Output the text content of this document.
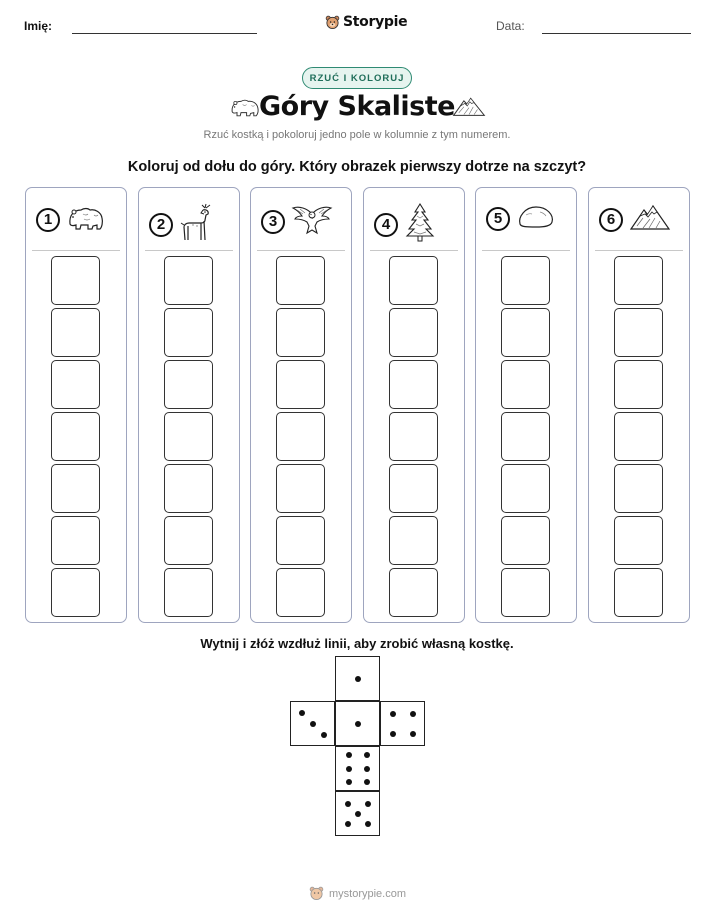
Imię:	Storypie	Data:
RZUĆ I KOLORUJ
Góry Skaliste
Rzuć kostką i pokoloruj jedno pole w kolumnie z tym numerem.
Koloruj od dołu do góry. Który obrazek pierwszy dotrze na szczyt?
1	2	3	4	5	6
Wytnij i złóż wzdłuż linii, aby zrobić własną kostkę.
mystorypie.com
